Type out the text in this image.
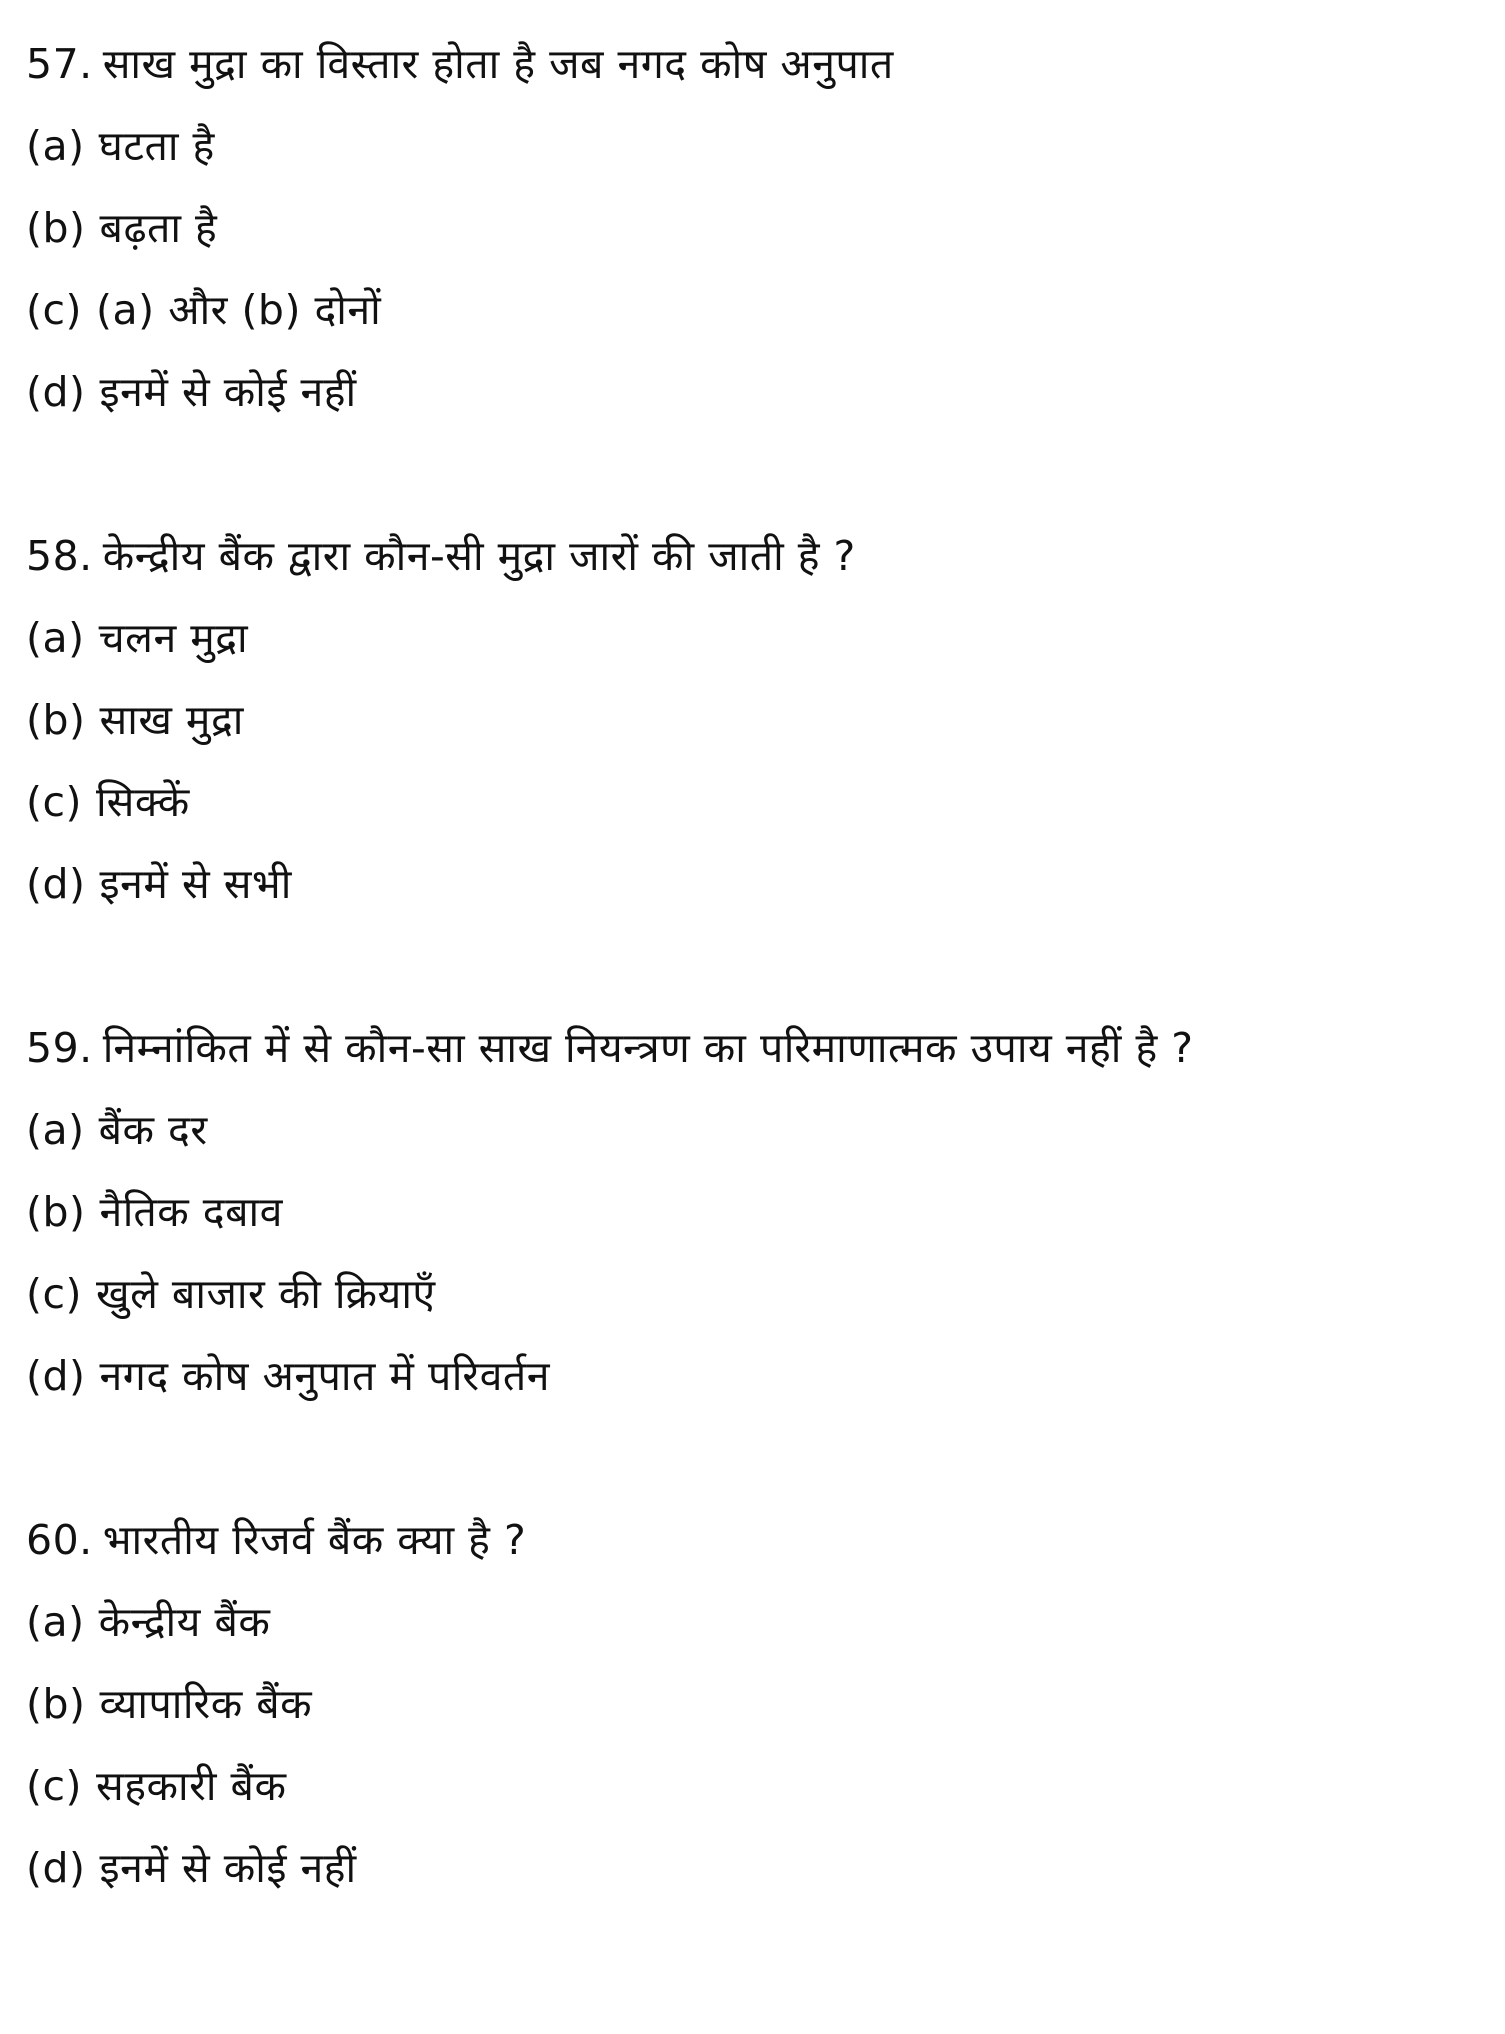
57. साख मुद्रा का विस्तार होता है जब नगद कोष अनुपात
(a) घटता है
(b) बढ़ता है
(c) (a) और (b) दोनों
(d) इनमें से कोई नहीं
58. केन्द्रीय बैंक द्वारा कौन-सी मुद्रा जारों की जाती है ?
(a) चलन मुद्रा
(b) साख मुद्रा
(c) सिक्कें
(d) इनमें से सभी
59. निम्नांकित में से कौन-सा साख नियन्त्रण का परिमाणात्मक उपाय नहीं है ?
(a) बैंक दर
(b) नैतिक दबाव
(c) खुले बाजार की क्रियाएँ
(d) नगद कोष अनुपात में परिवर्तन
60. भारतीय रिजर्व बैंक क्या है ?
(a) केन्द्रीय बैंक
(b) व्यापारिक बैंक
(c) सहकारी बैंक
(d) इनमें से कोई नहीं
